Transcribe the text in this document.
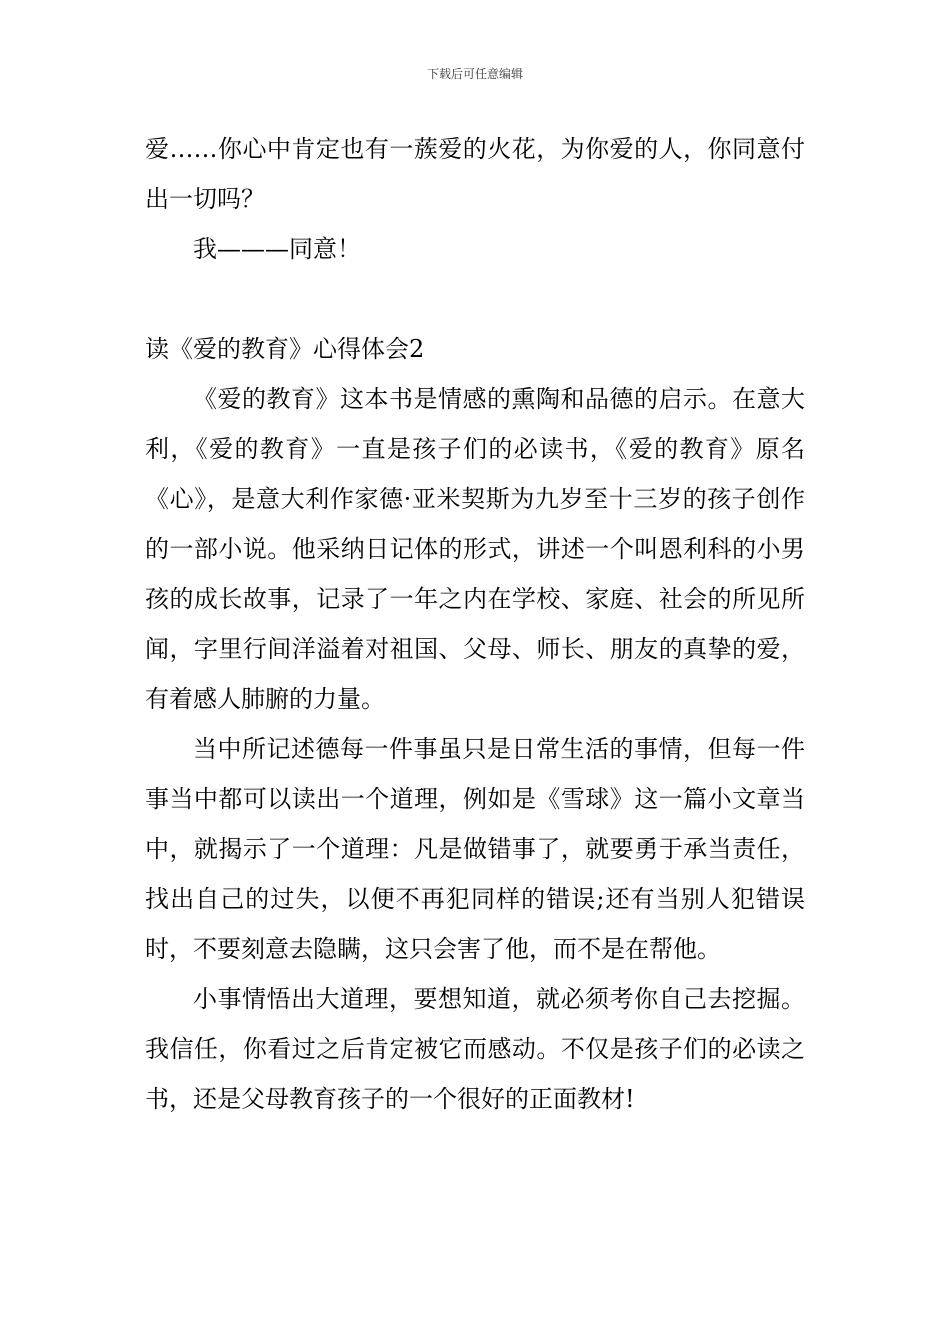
下载后可任意编辑

爱……你心中肯定也有一蔟爱的火花，为你爱的人，你同意付出一切吗？

我———同意！

读《爱的教育》心得体会2

《爱的教育》这本书是情感的熏陶和品德的启示。在意大利，《爱的教育》一直是孩子们的必读书，《爱的教育》原名《心》，是意大利作家德·亚米契斯为九岁至十三岁的孩子创作的一部小说。他采纳日记体的形式，讲述一个叫恩利科的小男孩的成长故事，记录了一年之内在学校、家庭、社会的所见所闻，字里行间洋溢着对祖国、父母、师长、朋友的真挚的爱，有着感人肺腑的力量。

当中所记述德每一件事虽只是日常生活的事情，但每一件事当中都可以读出一个道理，例如是《雪球》这一篇小文章当中，就揭示了一个道理：凡是做错事了，就要勇于承当责任，找出自己的过失，以便不再犯同样的错误;还有当别人犯错误时，不要刻意去隐瞒，这只会害了他，而不是在帮他。

小事情悟出大道理，要想知道，就必须考你自己去挖掘。我信任，你看过之后肯定被它而感动。不仅是孩子们的必读之书，还是父母教育孩子的一个很好的正面教材!
